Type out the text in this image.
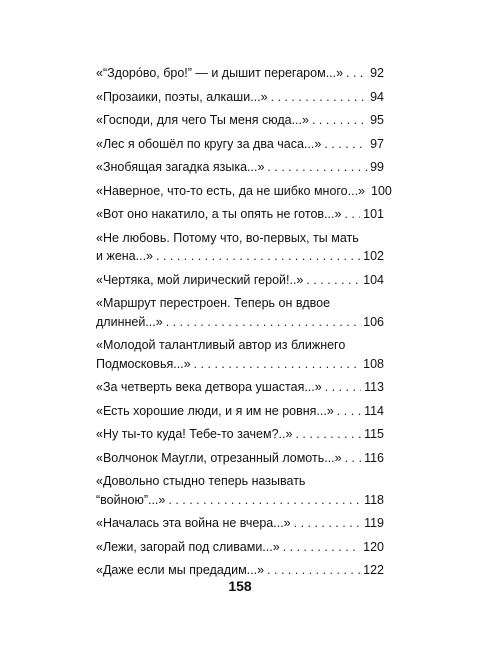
«“Здоро́во, бро!” — и дышит перегаром...» . . . 92
«Прозаики, поэты, алкаши...» . . .	94
«Господи, для чего Ты меня сюда...» . . .	95
«Лес я обошёл по кругу за два часа...» . . .	97
«Знобящая загадка языка...» . . .	99
«Наверное, что-то есть, да не шибко много...» 100
«Вот оно накатило, а ты опять не готов...» . . . 101
«Не любовь. Потому что, во-первых, ты мать
и жена...» . . .	102
«Чертяка, мой лирический герой!..» . . .	104
«Маршрут перестроен. Теперь он вдвое
длинней...» . . .	106
«Молодой талантливый автор из ближнего
Подмосковья...» . . .	108
«За четверть века детвора ушастая...» . . .	113
«Есть хорошие люди, и я им не ровня...» . . . 114
«Ну ты-то куда! Тебе-то зачем?..» . . .	115
«Волчонок Маугли, отрезанный ломоть...» . . . 116
«Довольно стыдно теперь называть
“войною”...» . . .	118
«Началась эта война не вчера...» . . .	119
«Лежи, загорай под сливами...» . . .	120
«Даже если мы предадим...» . . .	122
158
